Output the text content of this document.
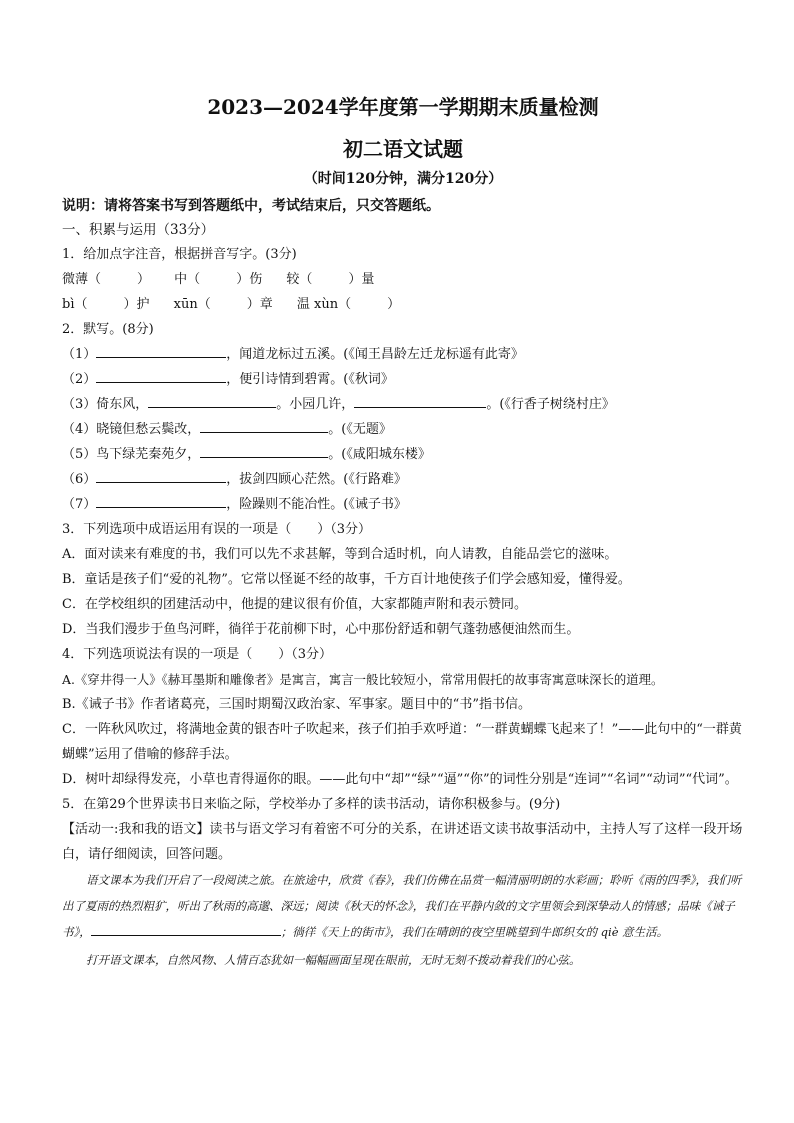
2023—2024学年度第一学期期末质量检测
初二语文试题
（时间120分钟，满分120分）
说明：请将答案书写到答题纸中，考试结束后，只交答题纸。
一、积累与运用（33分）
1．给加点字注音，根据拼音写字。(3分)
微薄（	） 中（	）伤 较（	）量
bì（	）护 xūn（	）章 温 xùn（	）
2．默写。(8分)
（1）	，闻道龙标过五溪。(《闻王昌龄左迁龙标遥有此寄》
（2）	，便引诗情到碧霄。(《秋词》
（3）倚东风，	。小园几许，	。(《行香子树绕村庄》
（4）晓镜但愁云鬓改，	。(《无题》
（5）鸟下绿芜秦苑夕，	。(《咸阳城东楼》
（6）	，拔剑四顾心茫然。(《行路难》
（7）	，险躁则不能冶性。(《诫子书》
3．下列选项中成语运用有误的一项是（　　）（3分）
A．面对读来有难度的书，我们可以先不求甚解，等到合适时机，向人请教，自能品尝它的滋味。
B．童话是孩子们“爱的礼物”。它常以怪诞不经的故事，千方百计地使孩子们学会感知爱，懂得爱。
C．在学校组织的团建活动中，他提的建议很有价值，大家都随声附和表示赞同。
D．当我们漫步于鱼鸟河畔，徜徉于花前柳下时，心中那份舒适和朝气蓬勃感便油然而生。
4．下列选项说法有误的一项是（　　）（3分）
A.《穿井得一人》《赫耳墨斯和雕像者》是寓言，寓言一般比较短小，常常用假托的故事寄寓意味深长的道理。
B.《诫子书》作者诸葛亮，三国时期蜀汉政治家、军事家。题目中的“书”指书信。
C．一阵秋风吹过，将满地金黄的银杏叶子吹起来，孩子们拍手欢呼道：“一群黄蝴蝶飞起来了！”——此句中的“一群黄蝴蝶”运用了借喻的修辞手法。
D．树叶却绿得发亮，小草也青得逼你的眼。——此句中“却”“绿”“逼”“你”的词性分别是“连词”“名词”“动词”“代词”。
5．在第29个世界读书日来临之际，学校举办了多样的读书活动，请你积极参与。(9分)
【活动一:我和我的语文】读书与语文学习有着密不可分的关系，在讲述语文读书故事活动中，主持人写了这样一段开场白，请仔细阅读，回答问题。

语文课本为我们开启了一段阅读之旅。在旅途中，欣赏《春》，我们仿佛在品赏一幅清丽明朗的水彩画；聆听《雨的四季》，我们听出了夏雨的热烈粗犷，听出了秋雨的高邈、深远；阅读《秋天的怀念》，我们在平静内敛的文字里领会到深挚动人的情感；品味《诫子书》，	；徜徉《天上的街市》，我们在晴朗的夜空里眺望到牛郎织女的 qiè 意生活。

打开语文课本，自然风物、人情百态犹如一幅幅画面呈现在眼前，无时无刻不拨动着我们的心弦。
